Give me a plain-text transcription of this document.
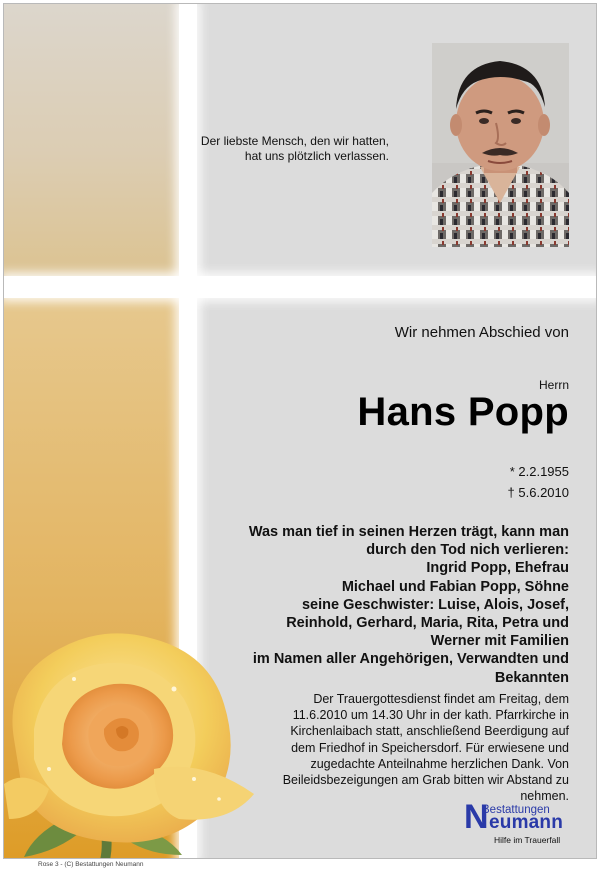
Der liebste Mensch, den wir hatten,
hat uns plötzlich verlassen.
Wir nehmen Abschied von
Herrn
Hans Popp
* 2.2.1955
† 5.6.2010
Was man tief in seinen Herzen trägt, kann man
durch den Tod nich verlieren:
Ingrid Popp, Ehefrau
Michael und Fabian Popp, Söhne
seine Geschwister: Luise, Alois, Josef,
Reinhold, Gerhard, Maria, Rita, Petra und
Werner mit Familien
im Namen aller Angehörigen, Verwandten und
Bekannten
Der Trauergottesdienst findet am Freitag, dem
11.6.2010 um 14.30 Uhr in der kath. Pfarrkirche in
Kirchenlaibach statt, anschließend Beerdigung auf
dem Friedhof in Speichersdorf. Für erwiesene und
zugedachte Anteilnahme herzlichen Dank. Von
Beileidsbezeigungen am Grab bitten wir Abstand zu
nehmen.
N
Bestattungen
eumann
Hilfe im Trauerfall
Rose 3 - (C) Bestattungen Neumann
